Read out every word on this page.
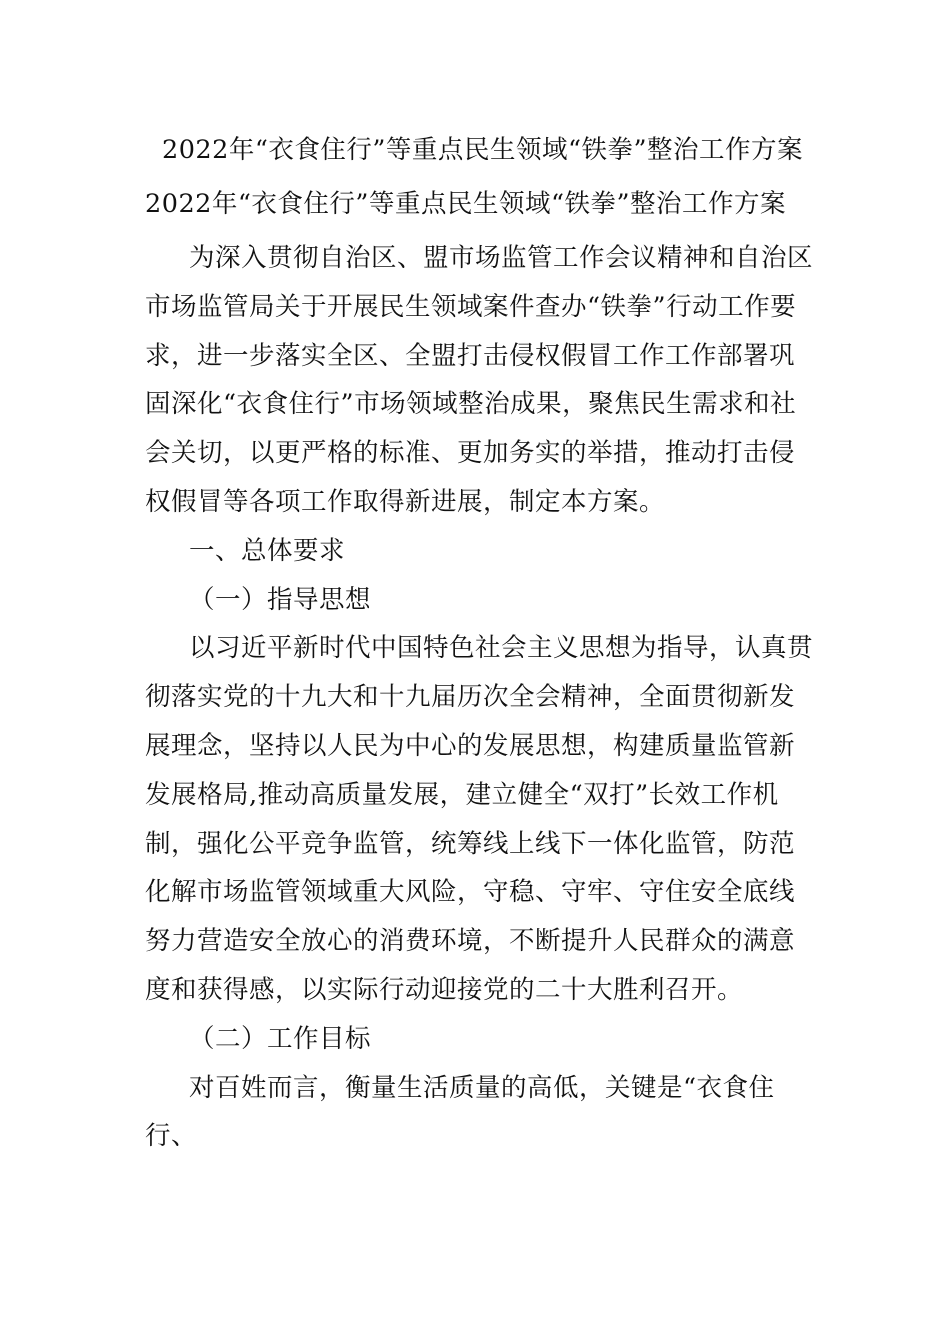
2022年“衣食住行”等重点民生领域“铁拳”整治工作方案
2022年“衣食住行”等重点民生领域“铁拳”整治工作方案

为深入贯彻自治区、盟市场监管工作会议精神和自治区市场监管局关于开展民生领域案件查办“铁拳”行动工作要求，进一步落实全区、全盟打击侵权假冒工作工作部署巩固深化“衣食住行”市场领域整治成果，聚焦民生需求和社会关切，以更严格的标准、更加务实的举措，推动打击侵权假冒等各项工作取得新进展，制定本方案。

一、总体要求

（一）指导思想

以习近平新时代中国特色社会主义思想为指导，认真贯彻落实党的十九大和十九届历次全会精神，全面贯彻新发展理念，坚持以人民为中心的发展思想，构建质量监管新发展格局,推动高质量发展，建立健全“双打”长效工作机制，强化公平竞争监管，统筹线上线下一体化监管，防范化解市场监管领域重大风险，守稳、守牢、守住安全底线努力营造安全放心的消费环境，不断提升人民群众的满意度和获得感，以实际行动迎接党的二十大胜利召开。

（二）工作目标

对百姓而言，衡量生活质量的高低，关键是“衣食住行、
